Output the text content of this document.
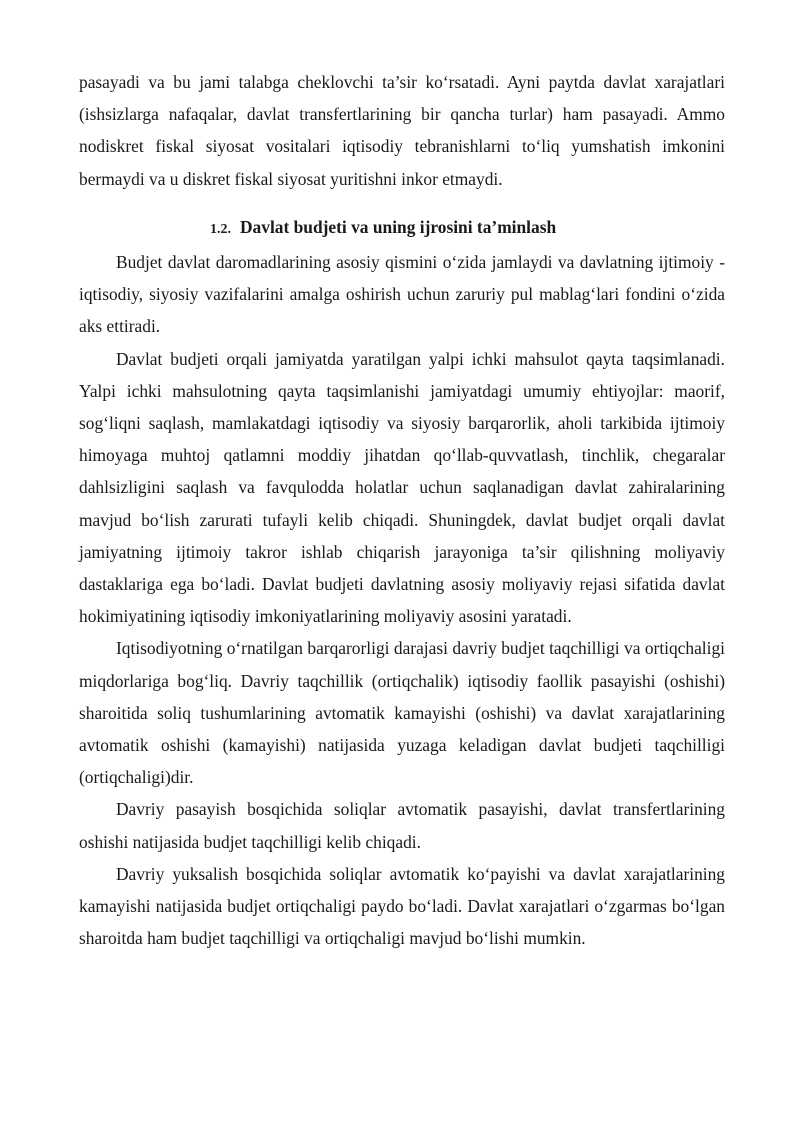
pasayadi va bu jami talabga cheklovchi ta’sir ko‘rsatadi. Ayni paytda davlat xarajatlari (ishsizlarga nafaqalar, davlat transfertlarining bir qancha turlar) ham pasayadi. Ammo nodiskret fiskal siyosat vositalari iqtisodiy tebranishlarni to‘liq yumshatish imkonini bermaydi va u diskret fiskal siyosat yuritishni inkor etmaydi.

1.2. Davlat budjeti va uning ijrosini ta’minlash

Budjet davlat daromadlarining asosiy qismini o‘zida jamlaydi va davlatning ijtimoiy - iqtisodiy, siyosiy vazifalarini amalga oshirish uchun zaruriy pul mablag‘lari fondini o‘zida aks ettiradi.

Davlat budjeti orqali jamiyatda yaratilgan yalpi ichki mahsulot qayta taqsimlanadi. Yalpi ichki mahsulotning qayta taqsimlanishi jamiyatdagi umumiy ehtiyojlar: maorif, sog‘liqni saqlash, mamlakatdagi iqtisodiy va siyosiy barqarorlik, aholi tarkibida ijtimoiy himoyaga muhtoj qatlamni moddiy jihatdan qo‘llab-quvvatlash, tinchlik, chegaralar dahlsizligini saqlash va favqulodda holatlar uchun saqlanadigan davlat zahiralarining mavjud bo‘lish zarurati tufayli kelib chiqadi. Shuningdek, davlat budjet orqali davlat jamiyatning ijtimoiy takror ishlab chiqarish jarayoniga ta’sir qilishning moliyaviy dastaklariga ega bo‘ladi. Davlat budjeti davlatning asosiy moliyaviy rejasi sifatida davlat hokimiyatining iqtisodiy imkoniyatlarining moliyaviy asosini yaratadi.

Iqtisodiyotning o‘rnatilgan barqarorligi darajasi davriy budjet taqchilligi va ortiqchaligi miqdorlariga bog‘liq. Davriy taqchillik (ortiqchalik) iqtisodiy faollik pasayishi (oshishi) sharoitida soliq tushumlarining avtomatik kamayishi (oshishi) va davlat xarajatlarining avtomatik oshishi (kamayishi) natijasida yuzaga keladigan davlat budjeti taqchilligi (ortiqchaligi)dir.

Davriy pasayish bosqichida soliqlar avtomatik pasayishi, davlat transfertlarining oshishi natijasida budjet taqchilligi kelib chiqadi.

Davriy yuksalish bosqichida soliqlar avtomatik ko‘payishi va davlat xarajatlarining kamayishi natijasida budjet ortiqchaligi paydo bo‘ladi. Davlat xarajatlari o‘zgarmas bo‘lgan sharoitda ham budjet taqchilligi va ortiqchaligi mavjud bo‘lishi mumkin.
